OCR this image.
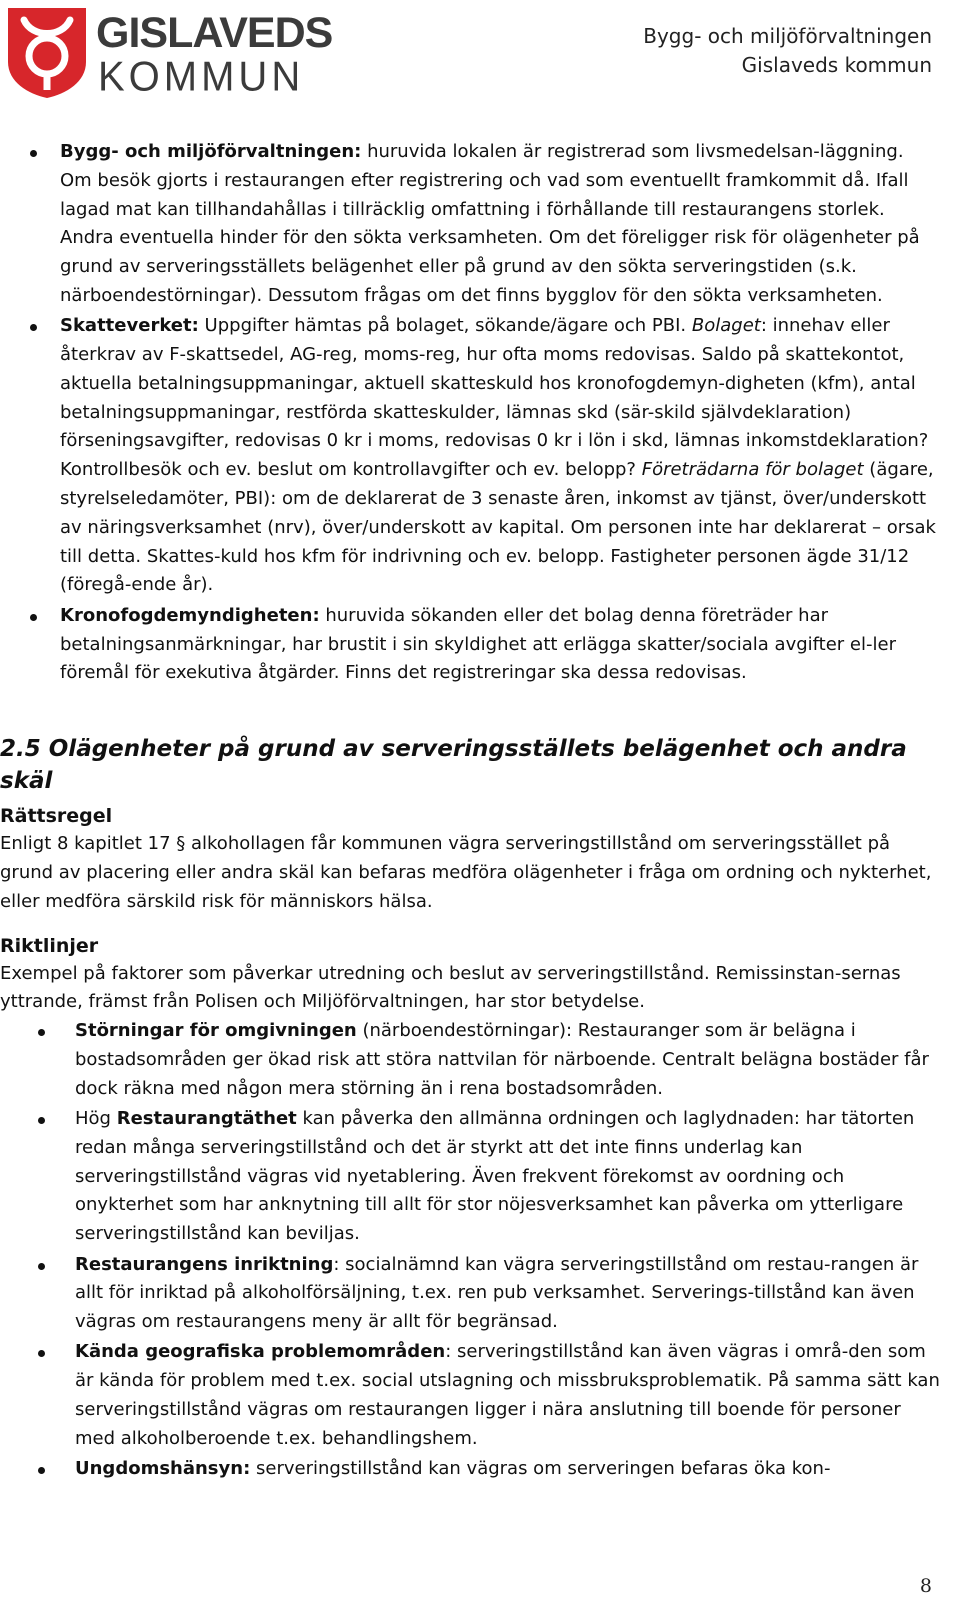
GISLAVEDS
KOMMUN
Bygg- och miljöförvaltningen
Gislaveds kommun
Bygg- och miljöförvaltningen: huruvida lokalen är registrerad som livsmedelsan-läggning. Om besök gjorts i restaurangen efter registrering och vad som eventuellt framkommit då. Ifall lagad mat kan tillhandahållas i tillräcklig omfattning i förhållande till restaurangens storlek. Andra eventuella hinder för den sökta verksamheten. Om det föreligger risk för olägenheter på grund av serveringsställets belägenhet eller på grund av den sökta serveringstiden (s.k. närboendestörningar). Dessutom frågas om det finns bygglov för den sökta verksamheten.
Skatteverket: Uppgifter hämtas på bolaget, sökande/ägare och PBI. Bolaget: innehav eller återkrav av F-skattsedel, AG-reg, moms-reg, hur ofta moms redovisas. Saldo på skattekontot, aktuella betalningsuppmaningar, aktuell skatteskuld hos kronofogdemyn-digheten (kfm), antal betalningsuppmaningar, restförda skatteskulder, lämnas skd (sär-skild självdeklaration) förseningsavgifter, redovisas 0 kr i moms, redovisas 0 kr i lön i skd, lämnas inkomstdeklaration? Kontrollbesök och ev. beslut om kontrollavgifter och ev. belopp? Företrädarna för bolaget (ägare, styrelseledamöter, PBI): om de deklarerat de 3 senaste åren, inkomst av tjänst, över/underskott av näringsverksamhet (nrv), över/underskott av kapital. Om personen inte har deklarerat – orsak till detta. Skattes-kuld hos kfm för indrivning och ev. belopp. Fastigheter personen ägde 31/12 (föregå-ende år).
Kronofogdemyndigheten: huruvida sökanden eller det bolag denna företräder har betalningsanmärkningar, har brustit i sin skyldighet att erlägga skatter/sociala avgifter el-ler föremål för exekutiva åtgärder. Finns det registreringar ska dessa redovisas.
2.5 Olägenheter på grund av serveringsställets belägenhet och andra skäl
Rättsregel

Enligt 8 kapitlet 17 § alkohollagen får kommunen vägra serveringstillstånd om serveringsstället på grund av placering eller andra skäl kan befaras medföra olägenheter i fråga om ordning och nykterhet, eller medföra särskild risk för människors hälsa.

Riktlinjer

Exempel på faktorer som påverkar utredning och beslut av serveringstillstånd. Remissinstan-sernas yttrande, främst från Polisen och Miljöförvaltningen, har stor betydelse.

Störningar för omgivningen (närboendestörningar): Restauranger som är belägna i bostadsområden ger ökad risk att störa nattvilan för närboende. Centralt belägna bostäder får dock räkna med någon mera störning än i rena bostadsområden.
Hög Restaurangtäthet kan påverka den allmänna ordningen och laglydnaden: har tätorten redan många serveringstillstånd och det är styrkt att det inte finns underlag kan serveringstillstånd vägras vid nyetablering. Även frekvent förekomst av oordning och onykterhet som har anknytning till allt för stor nöjesverksamhet kan påverka om ytterligare serveringstillstånd kan beviljas.
Restaurangens inriktning: socialnämnd kan vägra serveringstillstånd om restau-rangen är allt för inriktad på alkoholförsäljning, t.ex. ren pub verksamhet. Serverings-tillstånd kan även vägras om restaurangens meny är allt för begränsad.
Kända geografiska problemområden: serveringstillstånd kan även vägras i områ-den som är kända för problem med t.ex. social utslagning och missbruksproblematik. På samma sätt kan serveringstillstånd vägras om restaurangen ligger i nära anslutning till boende för personer med alkoholberoende t.ex. behandlingshem.
Ungdomshänsyn: serveringstillstånd kan vägras om serveringen befaras öka kon-
8
